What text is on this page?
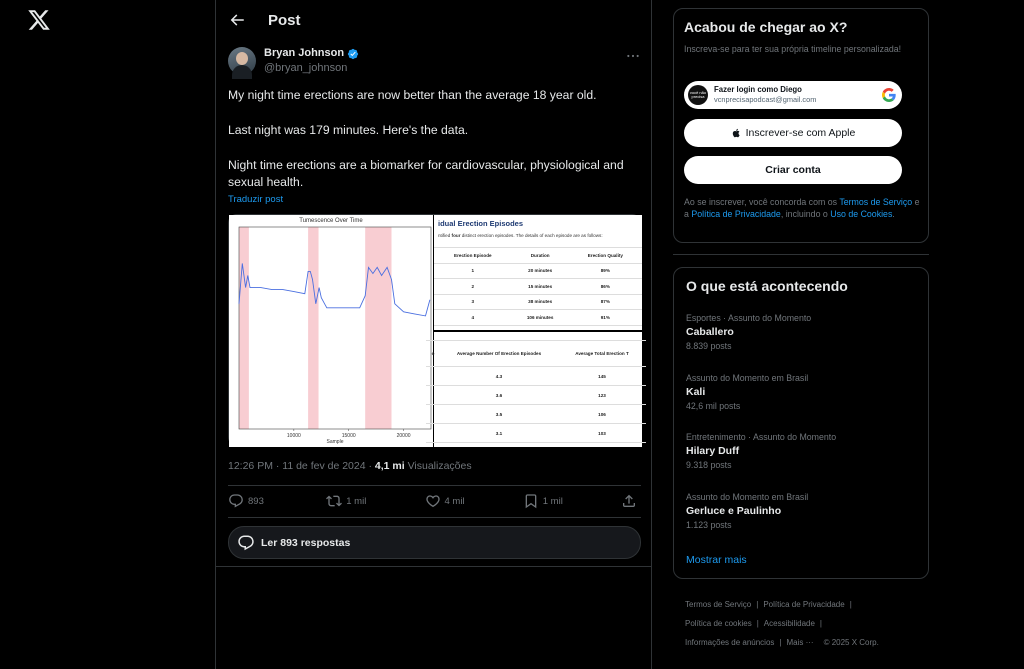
Post
Bryan Johnson
@bryan_johnson

My night time erections are now better than the average 18 year old.

Last night was 179 minutes. Here's the data.

Night time erections are a biomarker for cardiovascular, physiological and sexual health.

Traduzir post
10000	15000	20000
Sample
Tumescence Over Time	idual Erection Episodes
ntified four distinct erection episodes. The details of each episode are as follows:
Erection Episode	Duration	Erection Quality
1	20 minutes	89%
2	15 minutes	86%
3	38 minutes	87%
4	106 minutes	91%
o	Average Number Of Erection Episodes	Average Total Erection T
	4.3	145
	3.6	123
	3.5	106
	3.1	103
12:26 PM · 11 de fev de 2024 · 4,1 mi Visualizações
893	1 mil	4 mil	1 mil
Ler 893 respostas
Acabou de chegar ao X?
Inscreva-se para ter sua própria timeline personalizada!
você não precisa
Fazer login como Diego
vcnprecisapodcast@gmail.com
Inscrever-se com Apple
Criar conta
Ao se inscrever, você concorda com os Termos de Serviço e a Política de Privacidade, incluindo o Uso de Cookies.
O que está acontecendo
Esportes · Assunto do Momento
Caballero
8.839 posts
Assunto do Momento em Brasil
Kali
42,6 mil posts
Entretenimento · Assunto do Momento
Hilary Duff
9.318 posts
Assunto do Momento em Brasil
Gerluce e Paulinho
1.123 posts
Mostrar mais
Termos de Serviço | Política de Privacidade |
Política de cookies | Acessibilidade |
Informações de anúncios | Mais ··· © 2025 X Corp.
